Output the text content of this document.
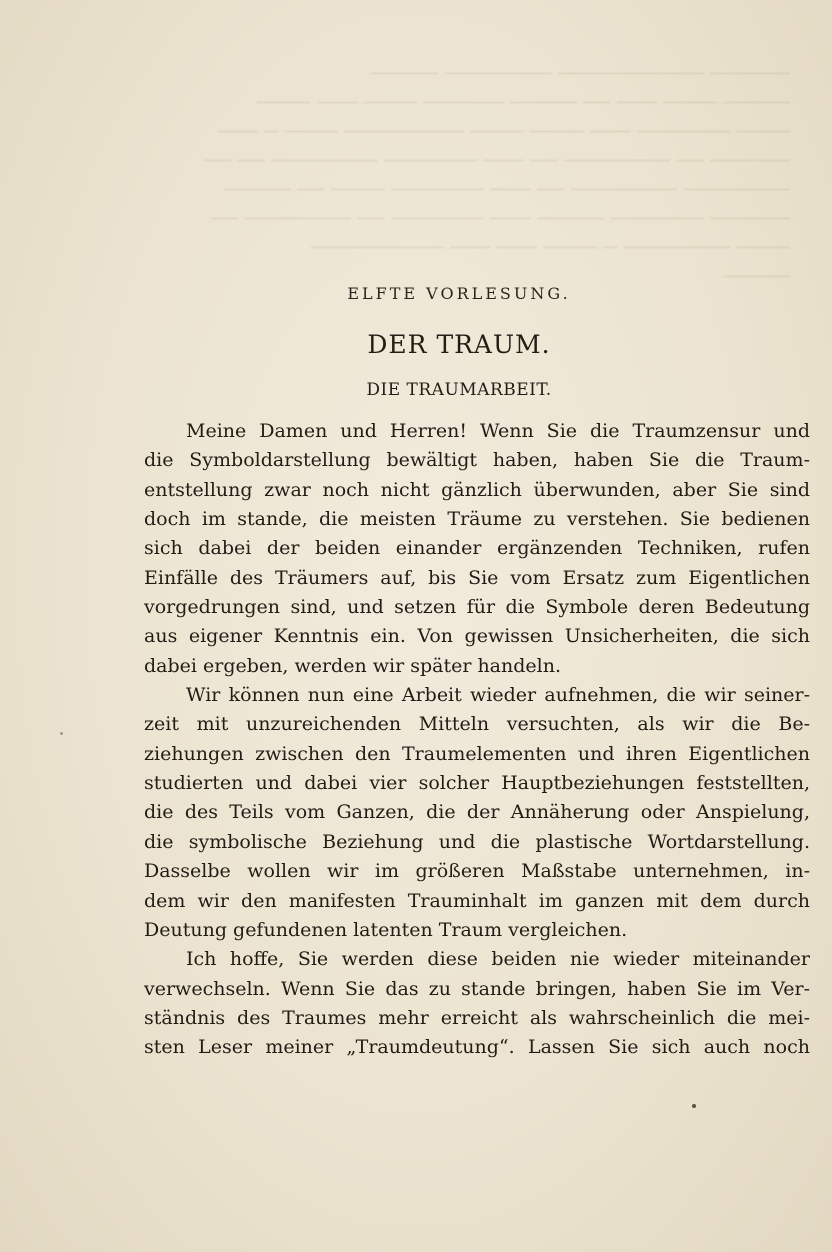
────── ─────────── ──────── ─────
───── ──── ─── ── ───── ────── ──── ─── ────
──── ─────── ─── ──── ──── ───────── ──── ─ ───
────── ── ──────── ── ─── ─────── ──────── ── ──
──────── ──────── ── ─── ─────── ──── ── ─────
────── ─────── ───── ─── ─────── ── ──────── ──
──── ──────── ─ ──── ─── ─── ──────────
─────
ELFTE VORLESUNG.
DER TRAUM.
DIE TRAUMARBEIT.
Meine Damen und Herren! Wenn Sie die Traumzensur und
die Symboldarstellung bewältigt haben, haben Sie die Traum-
entstellung zwar noch nicht gänzlich überwunden, aber Sie sind
doch im stande, die meisten Träume zu verstehen. Sie bedienen
sich dabei der beiden einander ergänzenden Techniken, rufen
Einfälle des Träumers auf, bis Sie vom Ersatz zum Eigentlichen
vorgedrungen sind, und setzen für die Symbole deren Bedeutung
aus eigener Kenntnis ein. Von gewissen Unsicherheiten, die sich
dabei ergeben, werden wir später handeln.
Wir können nun eine Arbeit wieder aufnehmen, die wir seiner-
zeit mit unzureichenden Mitteln versuchten, als wir die Be-
ziehungen zwischen den Traumelementen und ihren Eigentlichen
studierten und dabei vier solcher Hauptbeziehungen feststellten,
die des Teils vom Ganzen, die der Annäherung oder Anspielung,
die symbolische Beziehung und die plastische Wortdarstellung.
Dasselbe wollen wir im größeren Maßstabe unternehmen, in-
dem wir den manifesten Trauminhalt im ganzen mit dem durch
Deutung gefundenen latenten Traum vergleichen.
Ich hoffe, Sie werden diese beiden nie wieder miteinander
verwechseln. Wenn Sie das zu stande bringen, haben Sie im Ver-
ständnis des Traumes mehr erreicht als wahrscheinlich die mei-
sten Leser meiner „Traumdeutung“. Lassen Sie sich auch noch
